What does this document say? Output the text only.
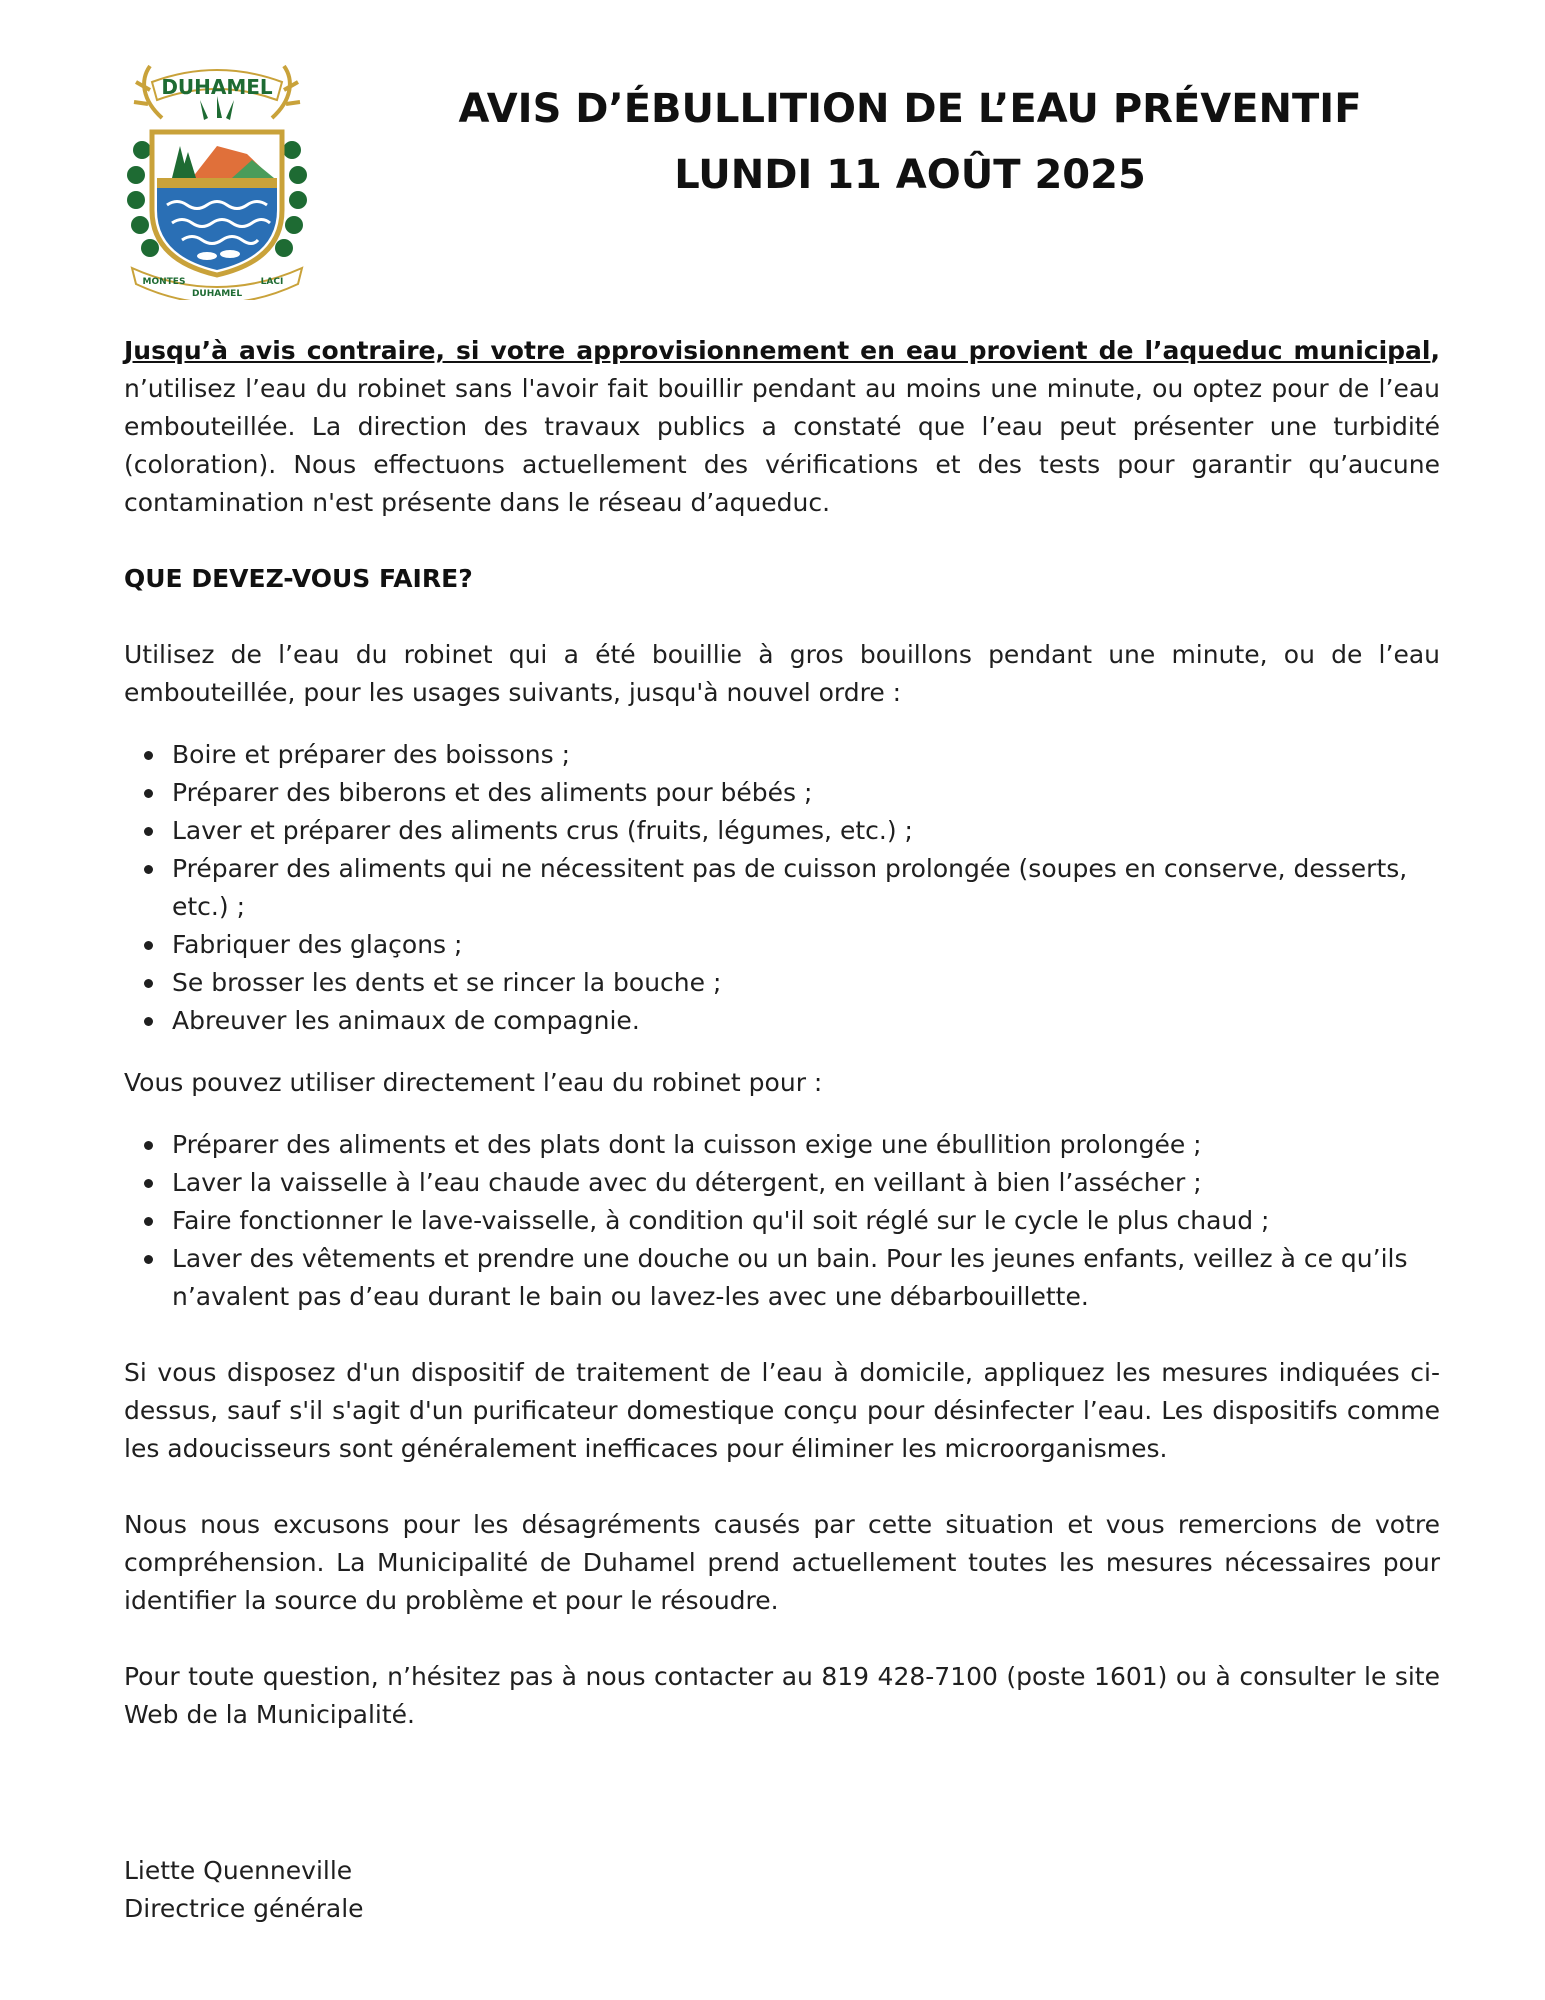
DUHAMEL
MONTES
DUHAMEL
LACI
AVIS D’ÉBULLITION DE L’EAU PRÉVENTIF
LUNDI 11 AOÛT 2025

Jusqu’à avis contraire, si votre approvisionnement en eau provient de l’aqueduc municipal, n’utilisez l’eau du robinet sans l'avoir fait bouillir pendant au moins une minute, ou optez pour de l’eau embouteillée. La direction des travaux publics a constaté que l’eau peut présenter une turbidité (coloration). Nous effectuons actuellement des vérifications et des tests pour garantir qu’aucune contamination n'est présente dans le réseau d’aqueduc.

QUE DEVEZ-VOUS FAIRE?

Utilisez de l’eau du robinet qui a été bouillie à gros bouillons pendant une minute, ou de l’eau embouteillée, pour les usages suivants, jusqu'à nouvel ordre :

Boire et préparer des boissons ;
Préparer des biberons et des aliments pour bébés ;
Laver et préparer des aliments crus (fruits, légumes, etc.) ;
Préparer des aliments qui ne nécessitent pas de cuisson prolongée (soupes en conserve, desserts, etc.) ;
Fabriquer des glaçons ;
Se brosser les dents et se rincer la bouche ;
Abreuver les animaux de compagnie.

Vous pouvez utiliser directement l’eau du robinet pour :

Préparer des aliments et des plats dont la cuisson exige une ébullition prolongée ;
Laver la vaisselle à l’eau chaude avec du détergent, en veillant à bien l’assécher ;
Faire fonctionner le lave-vaisselle, à condition qu'il soit réglé sur le cycle le plus chaud ;
Laver des vêtements et prendre une douche ou un bain. Pour les jeunes enfants, veillez à ce qu’ils n’avalent pas d’eau durant le bain ou lavez-les avec une débarbouillette.

Si vous disposez d'un dispositif de traitement de l’eau à domicile, appliquez les mesures indiquées ci-dessus, sauf s'il s'agit d'un purificateur domestique conçu pour désinfecter l’eau. Les dispositifs comme les adoucisseurs sont généralement inefficaces pour éliminer les microorganismes.

Nous nous excusons pour les désagréments causés par cette situation et vous remercions de votre compréhension. La Municipalité de Duhamel prend actuellement toutes les mesures nécessaires pour identifier la source du problème et pour le résoudre.

Pour toute question, n’hésitez pas à nous contacter au 819 428-7100 (poste 1601) ou à consulter le site Web de la Municipalité.

Liette Quenneville
Directrice générale
